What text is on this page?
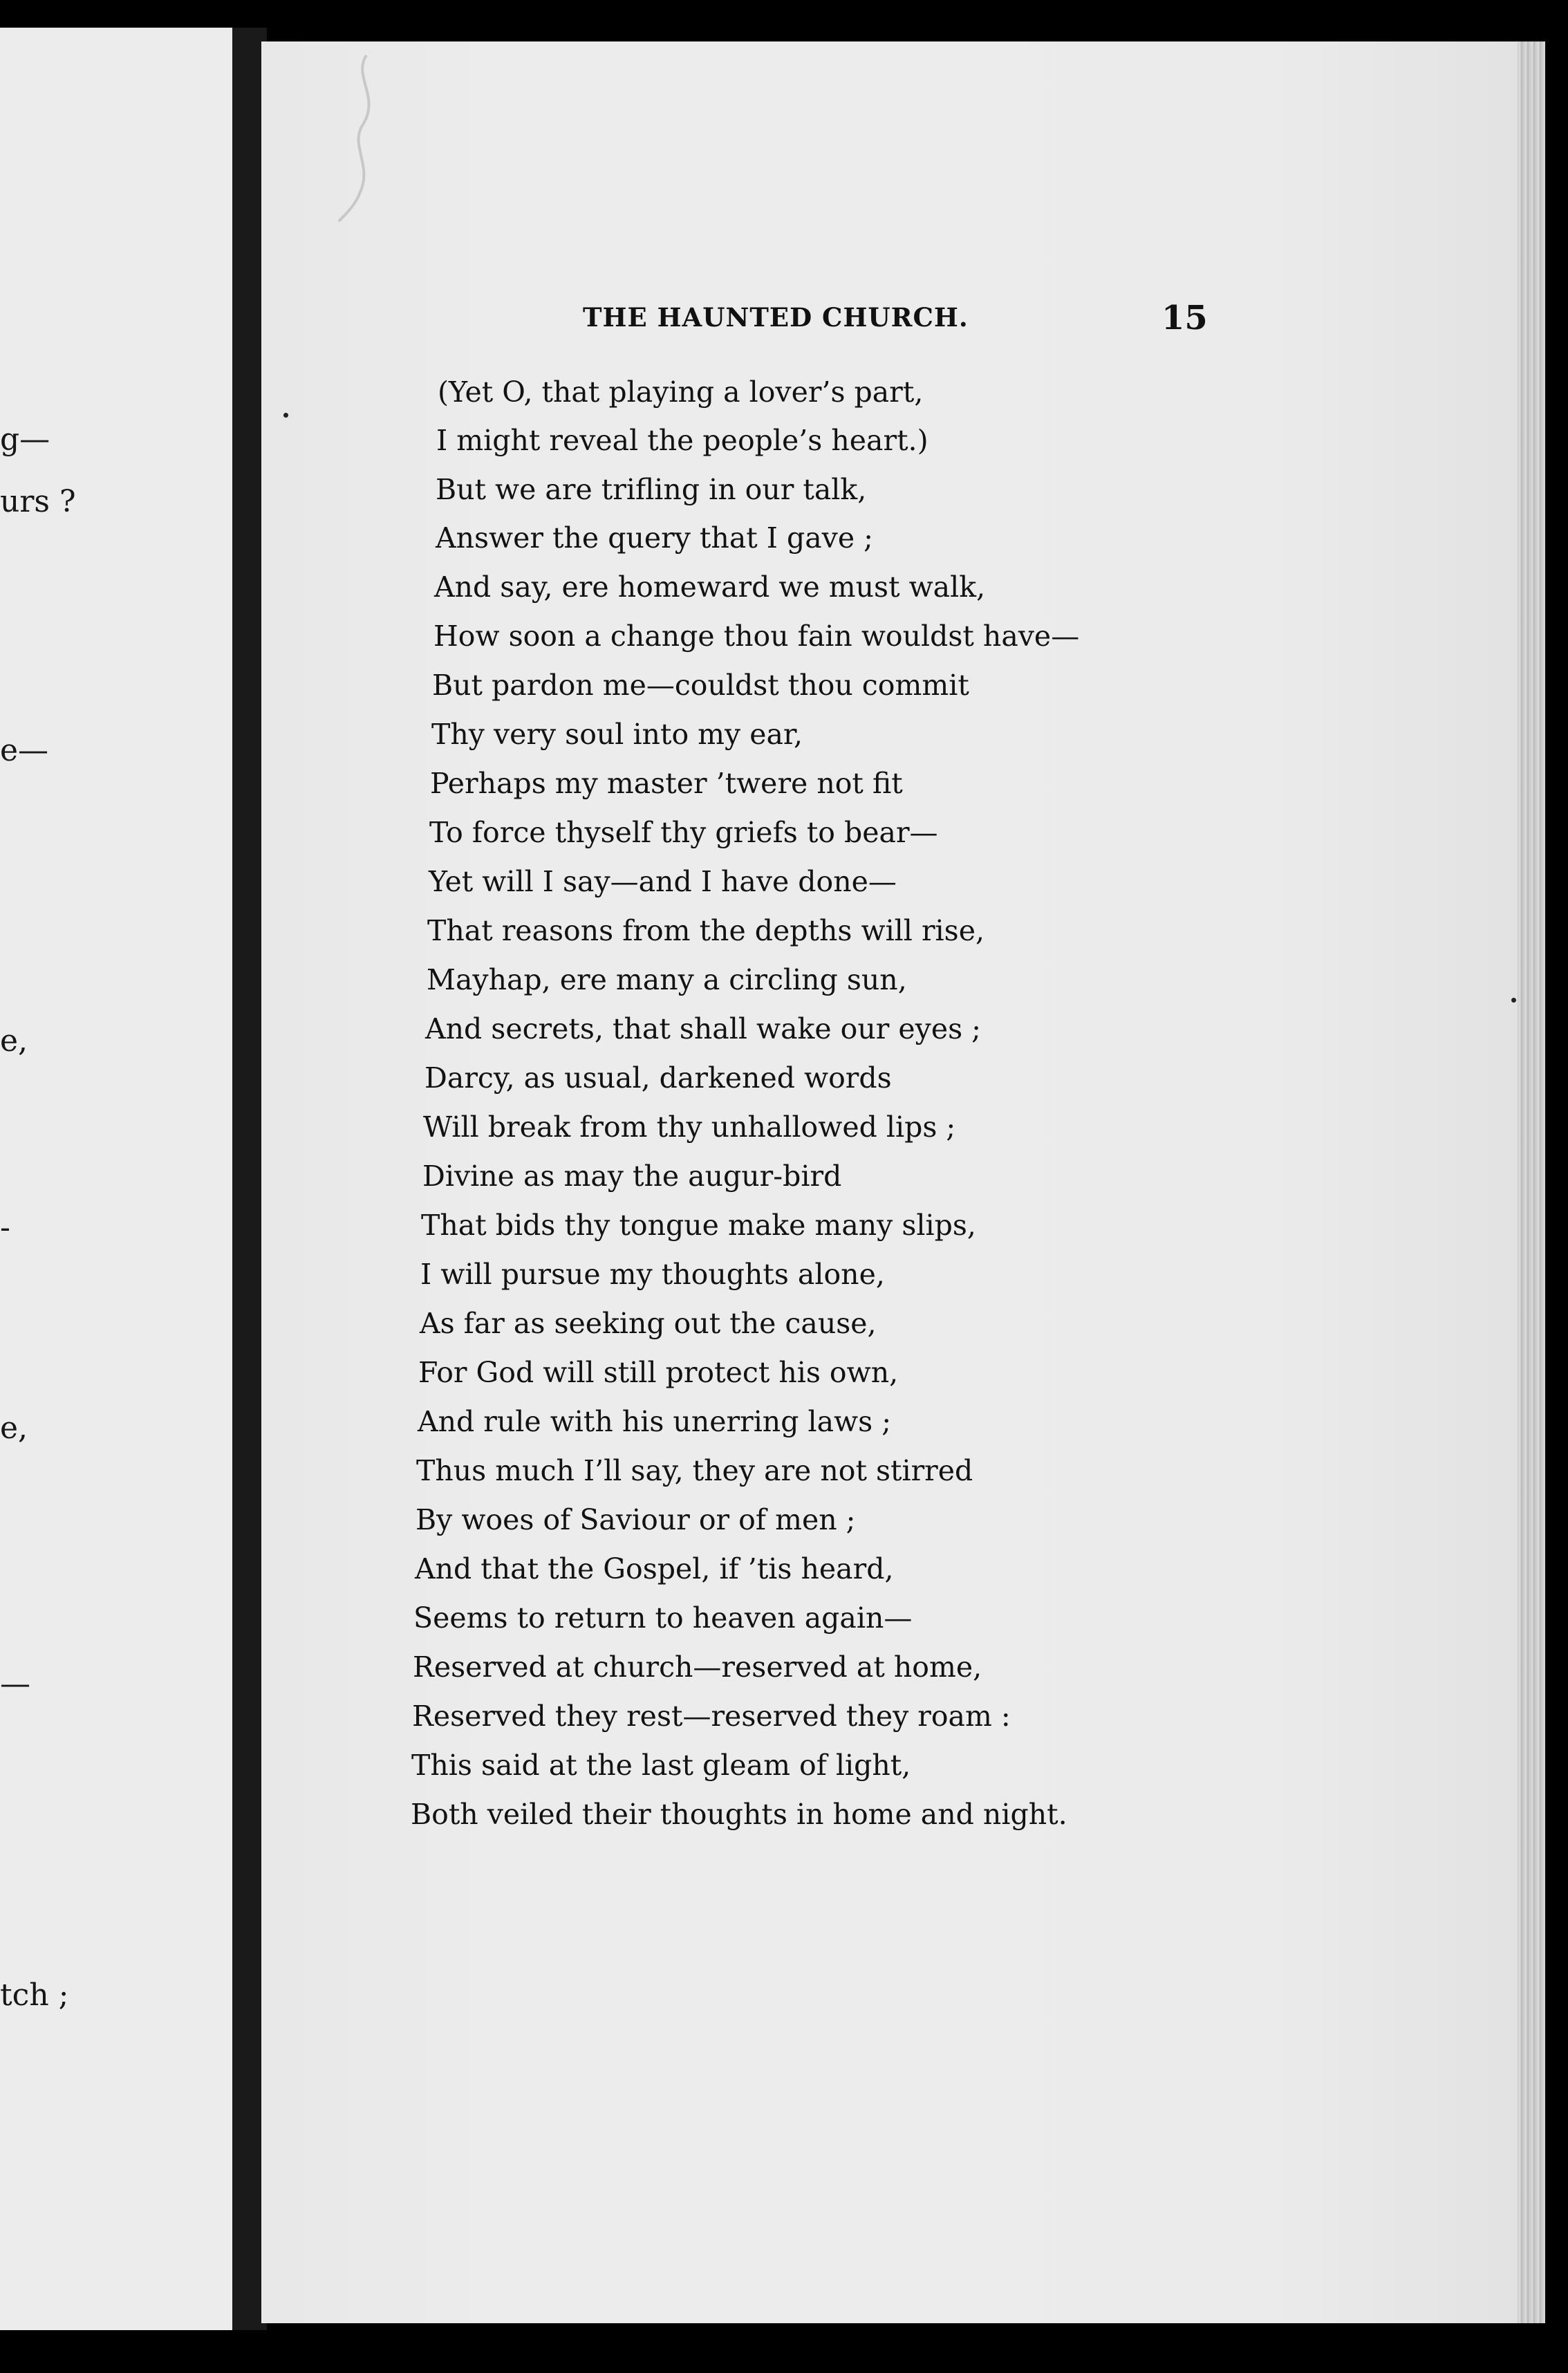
g—
urs ?
e—
e,
-
e,
—
tch ;
THE HAUNTED CHURCH.	15
(Yet O, that playing a lover’s part,
I might reveal the people’s heart.)
But we are trifling in our talk,
Answer the query that I gave ;
And say, ere homeward we must walk,
How soon a change thou fain wouldst have—
But pardon me—couldst thou commit
Thy very soul into my ear,
Perhaps my master ’twere not fit
To force thyself thy griefs to bear—
Yet will I say—and I have done—
That reasons from the depths will rise,
Mayhap, ere many a circling sun,
And secrets, that shall wake our eyes ;
Darcy, as usual, darkened words
Will break from thy unhallowed lips ;
Divine as may the augur-bird
That bids thy tongue make many slips,
I will pursue my thoughts alone,
As far as seeking out the cause,
For God will still protect his own,
And rule with his unerring laws ;
Thus much I’ll say, they are not stirred
By woes of Saviour or of men ;
And that the Gospel, if ’tis heard,
Seems to return to heaven again—
Reserved at church—reserved at home,
Reserved they rest—reserved they roam :
This said at the last gleam of light,
Both veiled their thoughts in home and night.
